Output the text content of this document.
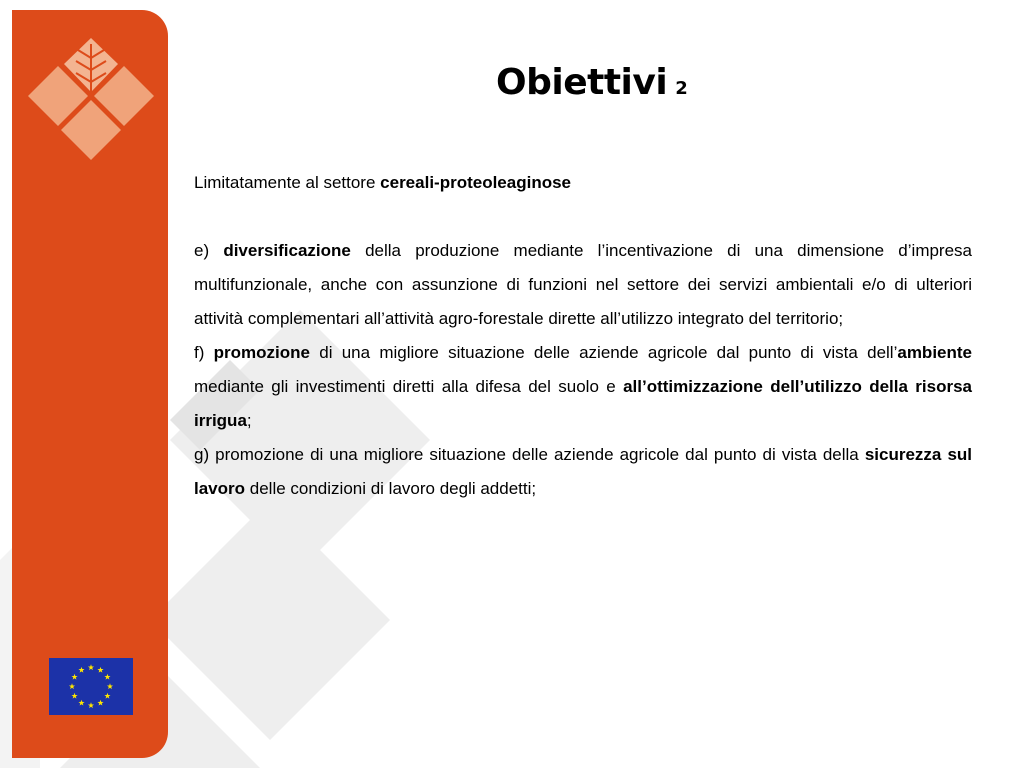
Obiettivi 2

Limitatamente al settore cereali-proteoleaginose

e) diversificazione della produzione mediante l’incentivazione di una dimensione d’impresa multifunzionale, anche con assunzione di funzioni nel settore dei servizi ambientali e/o di ulteriori attività complementari all’attività agro-forestale dirette all’utilizzo integrato del territorio;

f) promozione di una migliore situazione delle aziende agricole dal punto di vista dell’ambiente mediante gli investimenti diretti alla difesa del suolo e all’ottimizzazione dell’utilizzo della risorsa irrigua;

g) promozione di una migliore situazione delle aziende agricole dal punto di vista della sicurezza sul lavoro delle condizioni di lavoro degli addetti;
